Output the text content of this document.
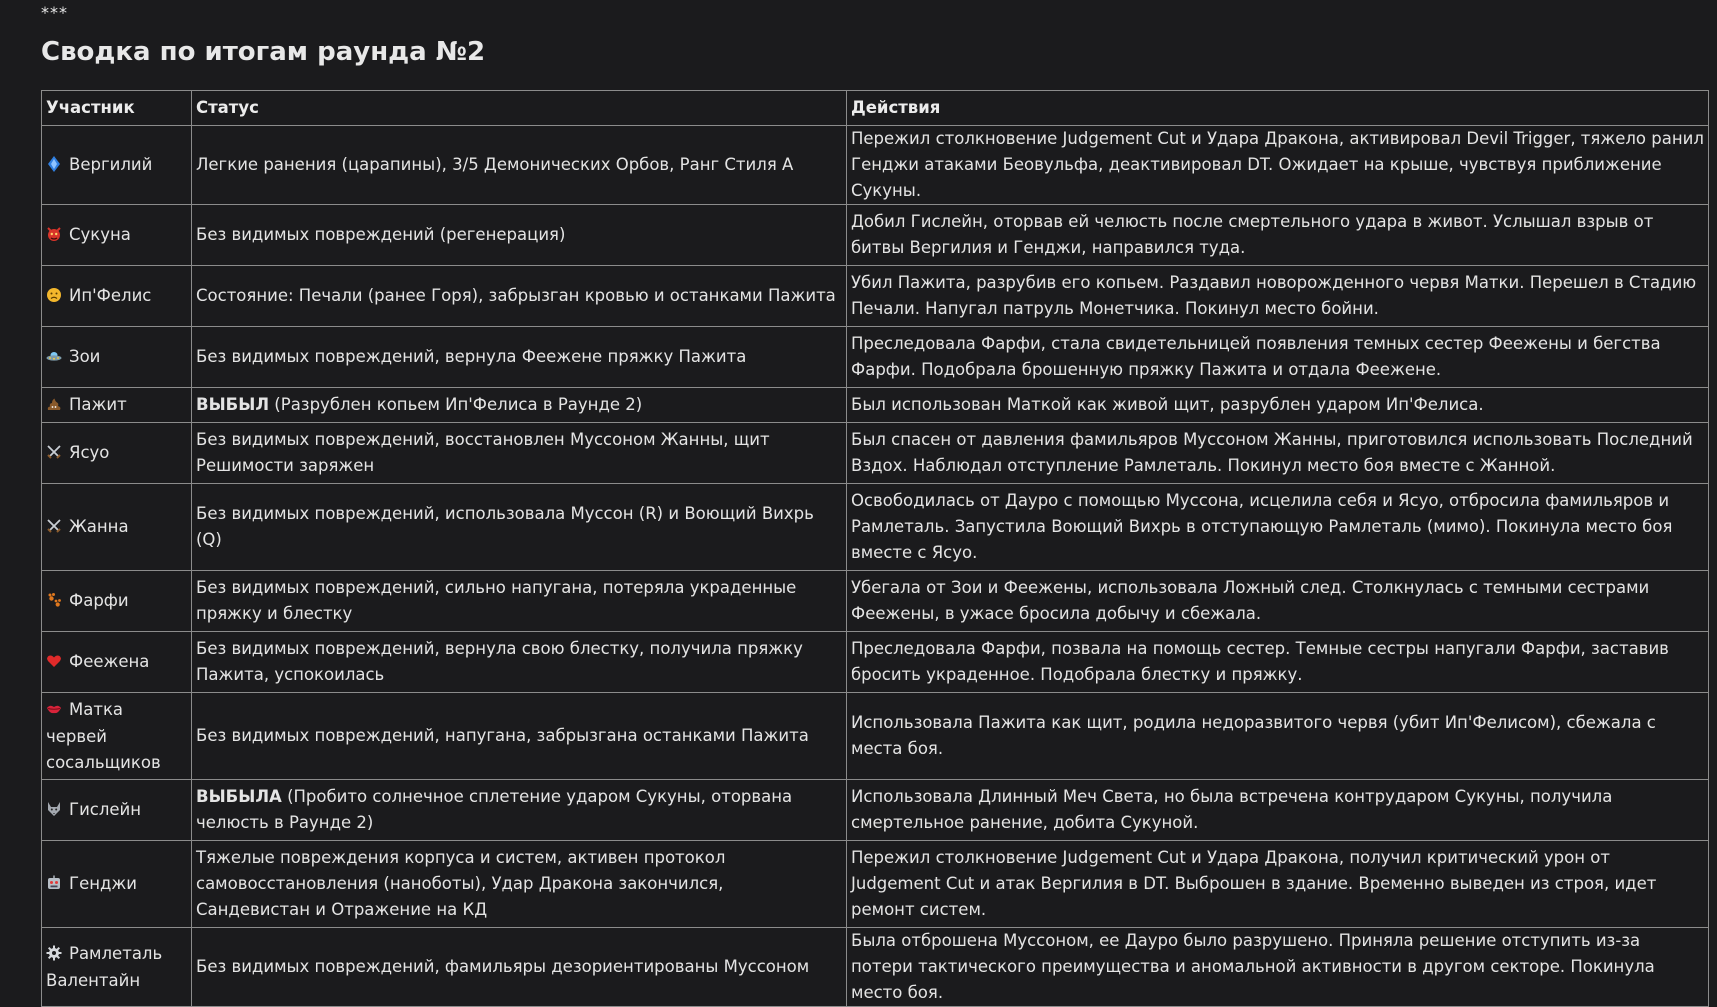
***
Сводка по итогам раунда №2
Участник	Статус	Действия
Вергилий	Легкие ранения (царапины), 3/5 Демонических Орбов, Ранг Стиля A	Пережил столкновение Judgement Cut и Удара Дракона, активировал Devil Trigger, тяжело ранил Генджи атаками Беовульфа, деактивировал DT. Ожидает на крыше, чувствуя приближение Сукуны.
Сукуна	Без видимых повреждений (регенерация)	Добил Гислейн, оторвав ей челюсть после смертельного удара в живот. Услышал взрыв от битвы Вергилия и Генджи, направился туда.
Ип'Фелис	Состояние: Печали (ранее Горя), забрызган кровью и останками Пажита	Убил Пажита, разрубив его копьем. Раздавил новорожденного червя Матки. Перешел в Стадию Печали. Напугал патруль Монетчика. Покинул место бойни.
Зои	Без видимых повреждений, вернула Феежене пряжку Пажита	Преследовала Фарфи, стала свидетельницей появления темных сестер Феежены и бегства Фарфи. Подобрала брошенную пряжку Пажита и отдала Феежене.
Пажит	ВЫБЫЛ (Разрублен копьем Ип'Фелиса в Раунде 2)	Был использован Маткой как живой щит, разрублен ударом Ип'Фелиса.
Ясуо	Без видимых повреждений, восстановлен Муссоном Жанны, щит Решимости заряжен	Был спасен от давления фамильяров Муссоном Жанны, приготовился использовать Последний Вздох. Наблюдал отступление Рамлеталь. Покинул место боя вместе с Жанной.
Жанна	Без видимых повреждений, использовала Муссон (R) и Воющий Вихрь (Q)	Освободилась от Дауро с помощью Муссона, исцелила себя и Ясуо, отбросила фамильяров и Рамлеталь. Запустила Воющий Вихрь в отступающую Рамлеталь (мимо). Покинула место боя вместе с Ясуо.
Фарфи	Без видимых повреждений, сильно напугана, потеряла украденные пряжку и блестку	Убегала от Зои и Феежены, использовала Ложный след. Столкнулась с темными сестрами Феежены, в ужасе бросила добычу и сбежала.
Феежена	Без видимых повреждений, вернула свою блестку, получила пряжку Пажита, успокоилась	Преследовала Фарфи, позвала на помощь сестер. Темные сестры напугали Фарфи, заставив бросить украденное. Подобрала блестку и пряжку.
Матка червей сосальщиков	Без видимых повреждений, напугана, забрызгана останками Пажита	Использовала Пажита как щит, родила недоразвитого червя (убит Ип'Фелисом), сбежала с места боя.
Гислейн	ВЫБЫЛА (Пробито солнечное сплетение ударом Сукуны, оторвана челюсть в Раунде 2)	Использовала Длинный Меч Света, но была встречена контрударом Сукуны, получила смертельное ранение, добита Сукуной.
Генджи	Тяжелые повреждения корпуса и систем, активен протокол самовосстановления (наноботы), Удар Дракона закончился, Сандевистан и Отражение на КД	Пережил столкновение Judgement Cut и Удара Дракона, получил критический урон от Judgement Cut и атак Вергилия в DT. Выброшен в здание. Временно выведен из строя, идет ремонт систем.
Рамлеталь Валентайн	Без видимых повреждений, фамильяры дезориентированы Муссоном	Была отброшена Муссоном, ее Дауро было разрушено. Приняла решение отступить из-за потери тактического преимущества и аномальной активности в другом секторе. Покинула место боя.
